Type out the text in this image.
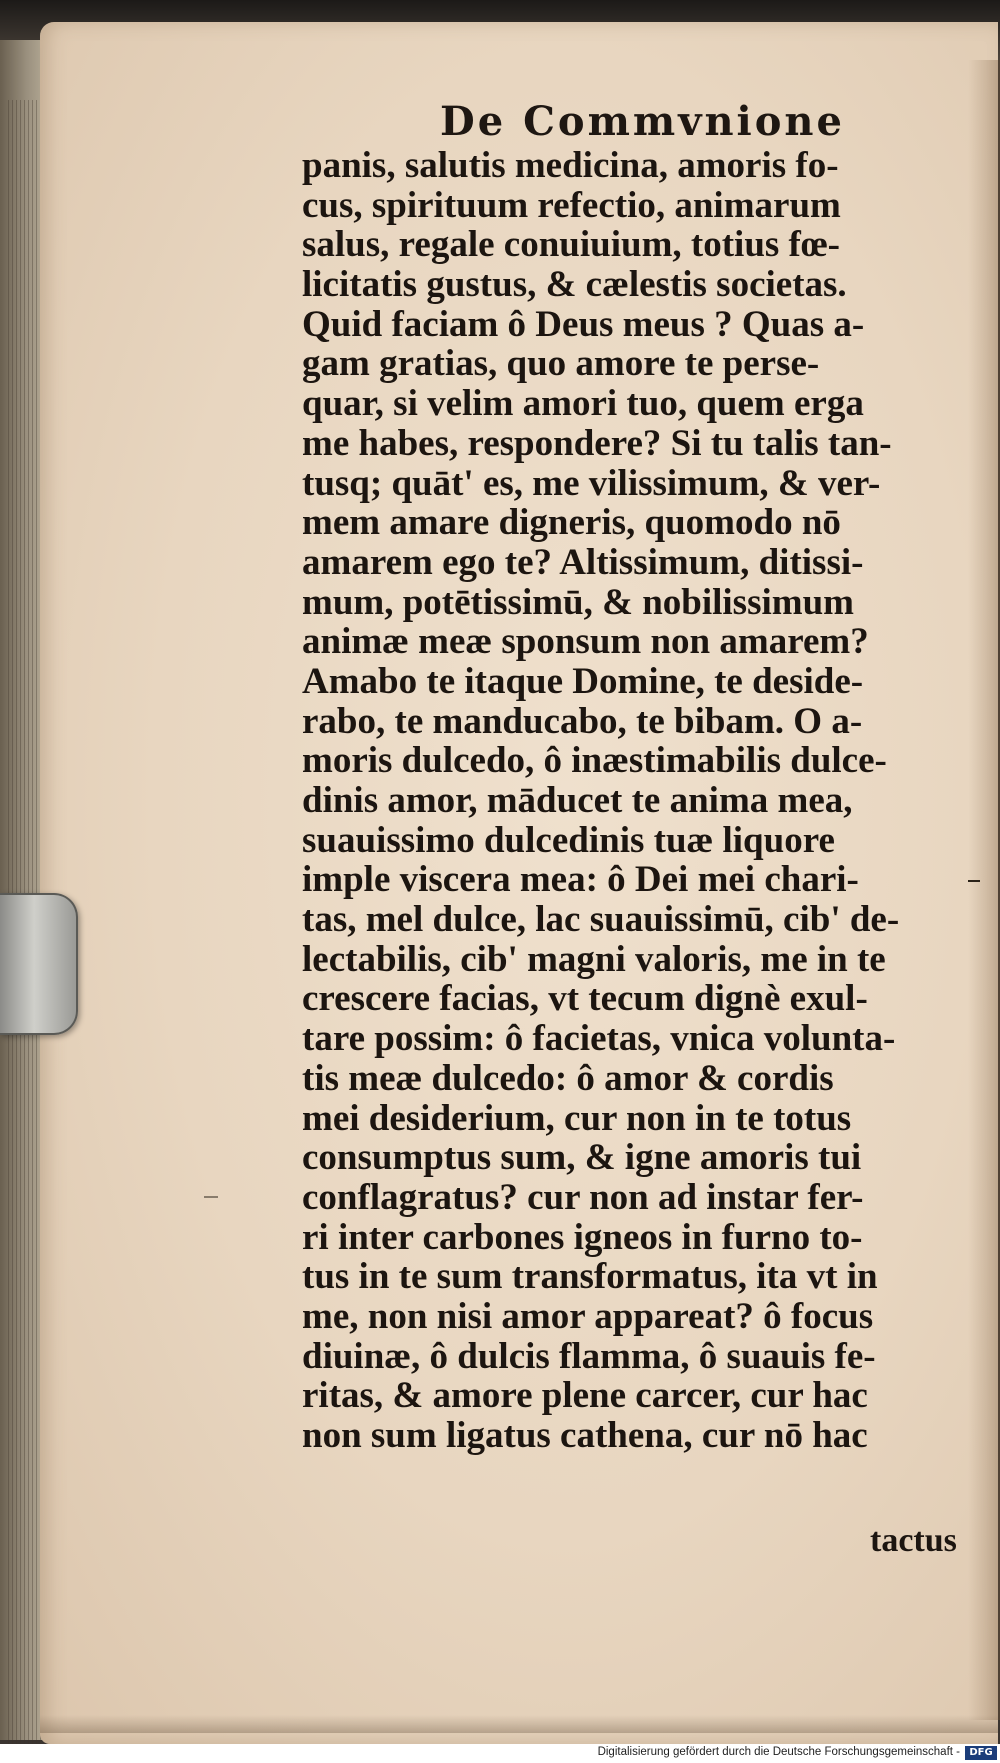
De Commvnione
panis, salutis medicina, amoris fo-
cus, spirituum refectio, animarum
salus, regale conuiuium, totius fœ-
licitatis gustus, & cælestis societas.
Quid faciam ô Deus meus ? Quas a-
gam gratias, quo amore te perse-
quar, si velim amori tuo, quem erga
me habes, respondere? Si tu talis tan-
tusq; quāt' es, me vilissimum, & ver-
mem amare digneris, quomodo nō
amarem ego te? Altissimum, ditissi-
mum, potētissimū, & nobilissimum
animæ meæ sponsum non amarem?
Amabo te itaque Domine, te deside-
rabo, te manducabo, te bibam. O a-
moris dulcedo, ô inæstimabilis dulce-
dinis amor, māducet te anima mea,
suauissimo dulcedinis tuæ liquore
imple viscera mea: ô Dei mei chari-
tas, mel dulce, lac suauissimū, cib' de-
lectabilis, cib' magni valoris, me in te
crescere facias, vt tecum dignè exul-
tare possim: ô facietas, vnica volunta-
tis meæ dulcedo: ô amor & cordis
mei desiderium, cur non in te totus
consumptus sum, & igne amoris tui
conflagratus? cur non ad instar fer-
ri inter carbones igneos in furno to-
tus in te sum transformatus, ita vt in
me, non nisi amor appareat? ô focus
diuinæ, ô dulcis flamma, ô suauis fe-
ritas, & amore plene carcer, cur hac
non sum ligatus cathena, cur nō hac
tactus
Digitalisierung gefördert durch die Deutsche Forschungsgemeinschaft - DFG
